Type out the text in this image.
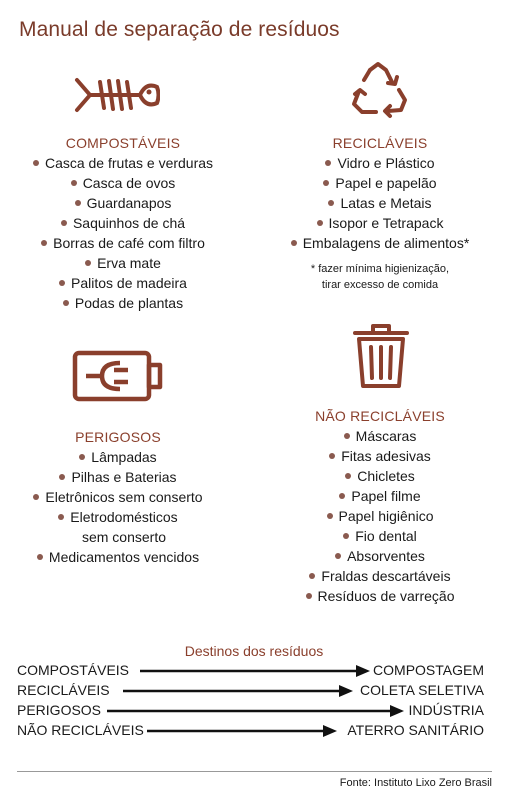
Manual de separação de resíduos
COMPOSTÁVEIS
Casca de frutas e verduras
Casca de ovos
Guardanapos
Saquinhos de chá
Borras de café com filtro
Erva mate
Palitos de madeira
Podas de plantas
RECICLÁVEIS
Vidro e Plástico
Papel e papelão
Latas e Metais
Isopor e Tetrapack
Embalagens de alimentos*
* fazer mínima higienização,
tirar excesso de comida
PERIGOSOS
Lâmpadas
Pilhas e Baterias
Eletrônicos sem conserto
Eletrodomésticos
sem conserto
Medicamentos vencidos
NÃO RECICLÁVEIS
Máscaras
Fitas adesivas
Chicletes
Papel filme
Papel higiênico
Fio dental
Absorventes
Fraldas descartáveis
Resíduos de varreção
Destinos dos resíduos
COMPOSTÁVEIS	COMPOSTAGEM
RECICLÁVEIS	COLETA SELETIVA
PERIGOSOS	INDÚSTRIA
NÃO RECICLÁVEIS	ATERRO SANITÁRIO
Fonte: Instituto Lixo Zero Brasil
